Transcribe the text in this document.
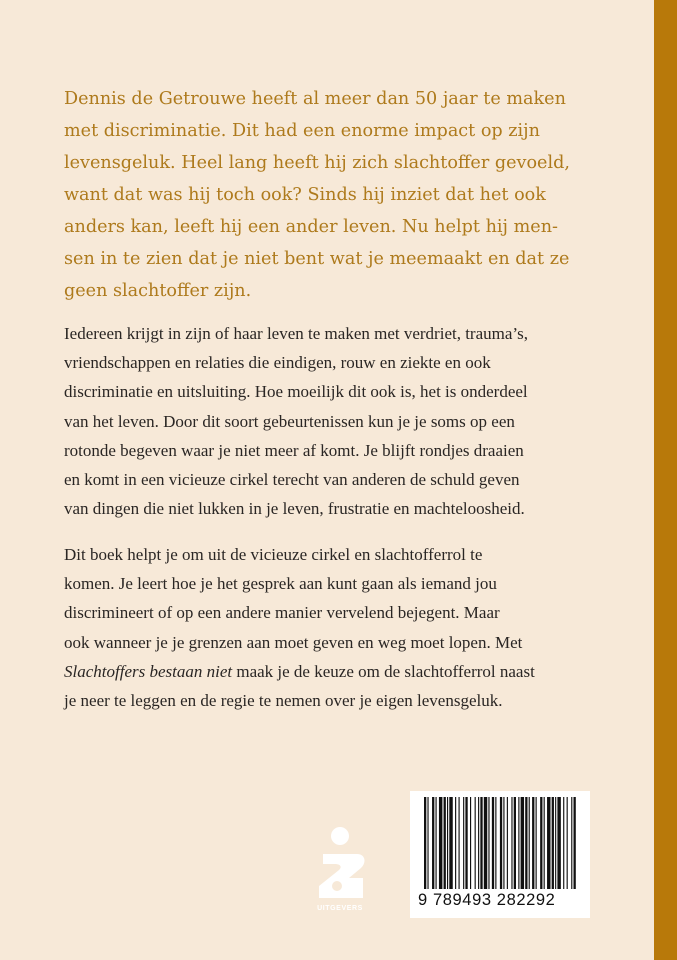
Dennis de Getrouwe heeft al meer dan 50 jaar te maken
met discriminatie. Dit had een enorme impact op zijn
levensgeluk. Heel lang heeft hij zich slachtoffer gevoeld,
want dat was hij toch ook? Sinds hij inziet dat het ook
anders kan, leeft hij een ander leven. Nu helpt hij men-
sen in te zien dat je niet bent wat je meemaakt en dat ze
geen slachtoffer zijn.

Iedereen krijgt in zijn of haar leven te maken met verdriet, trauma’s,
vriendschappen en relaties die eindigen, rouw en ziekte en ook
discriminatie en uitsluiting. Hoe moeilijk dit ook is, het is onderdeel
van het leven. Door dit soort gebeurtenissen kun je je soms op een
rotonde begeven waar je niet meer af komt. Je blijft rondjes draaien
en komt in een vicieuze cirkel terecht van anderen de schuld geven
van dingen die niet lukken in je leven, frustratie en machteloosheid.

Dit boek helpt je om uit de vicieuze cirkel en slachtofferrol te
komen. Je leert hoe je het gesprek aan kunt gaan als iemand jou
discrimineert of op een andere manier vervelend bejegent. Maar
ook wanneer je je grenzen aan moet geven en weg moet lopen. Met
Slachtoffers bestaan niet maak je de keuze om de slachtofferrol naast
je neer te leggen en de regie te nemen over je eigen levensgeluk.

UITGEVERS	9 789493 282292
